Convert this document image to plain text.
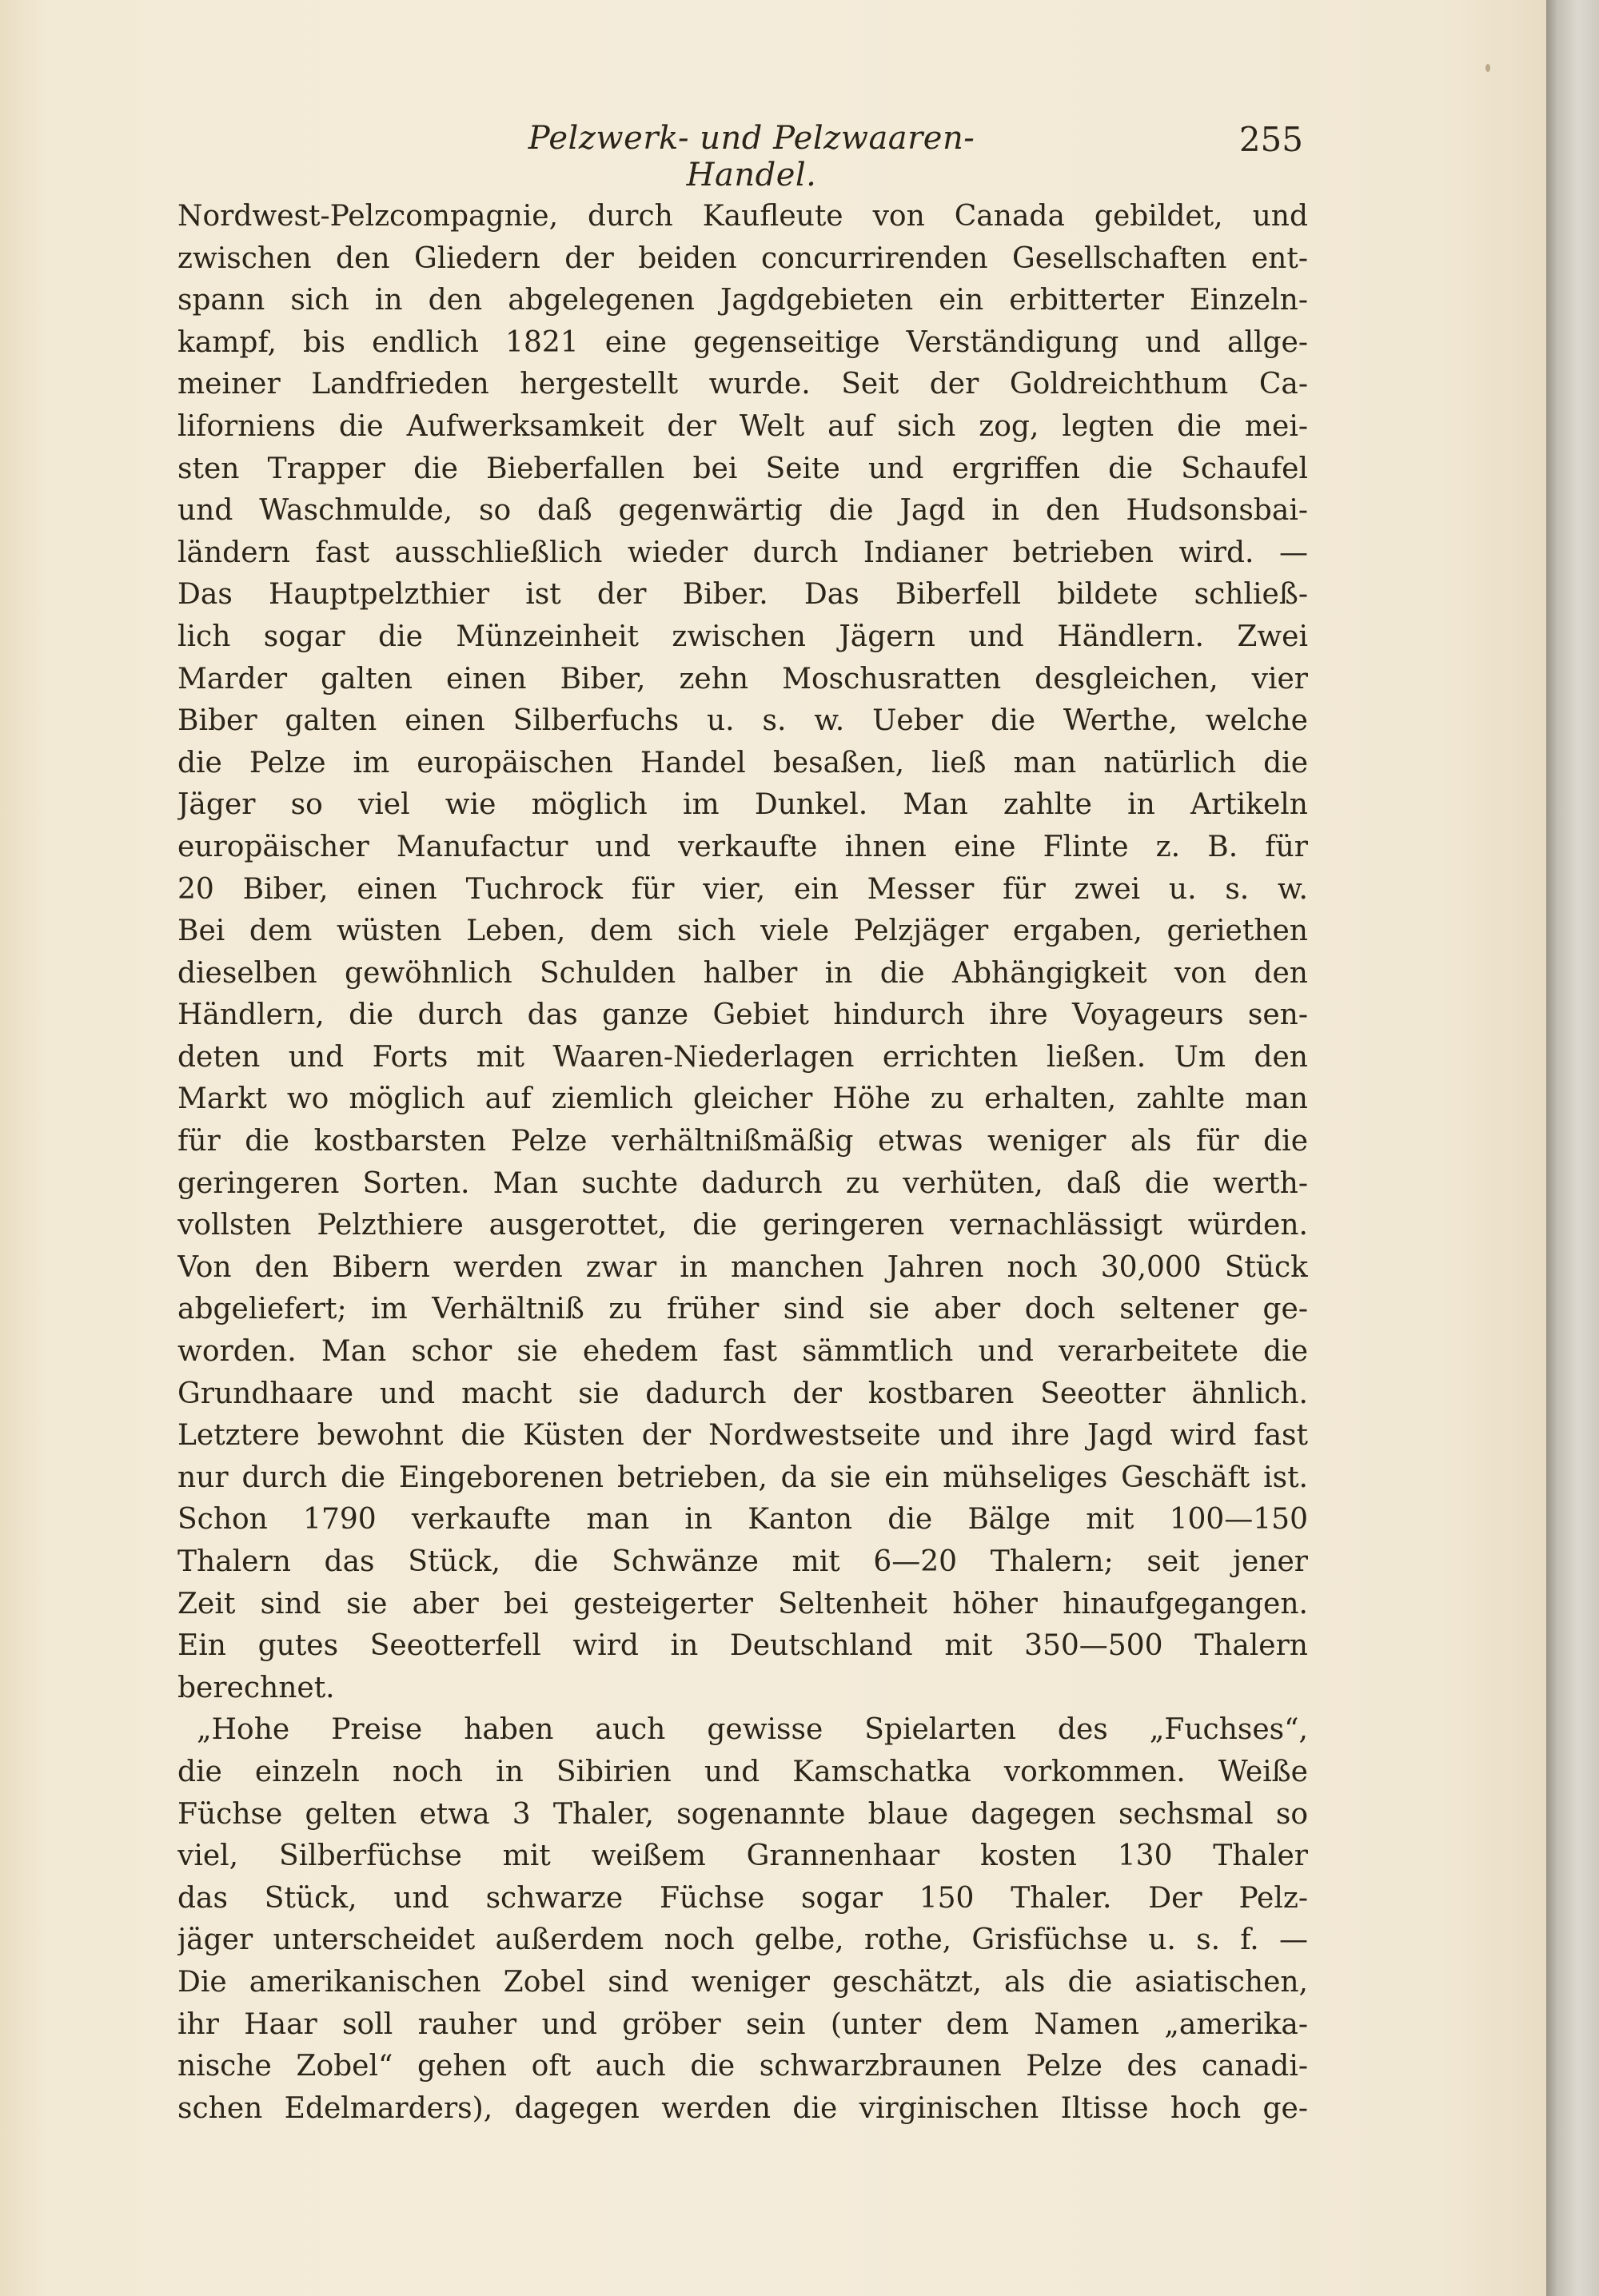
Pelzwerk- und Pelzwaaren-Handel.
255
Nordwest-Pelzcompagnie, durch Kaufleute von Canada gebildet, und
zwischen den Gliedern der beiden concurrirenden Gesellschaften ent-
spann sich in den abgelegenen Jagdgebieten ein erbitterter Einzeln-
kampf, bis endlich 1821 eine gegenseitige Verständigung und allge-
meiner Landfrieden hergestellt wurde. Seit der Goldreichthum Ca-
liforniens die Aufwerksamkeit der Welt auf sich zog, legten die mei-
sten Trapper die Bieberfallen bei Seite und ergriffen die Schaufel
und Waschmulde, so daß gegenwärtig die Jagd in den Hudsonsbai-
ländern fast ausschließlich wieder durch Indianer betrieben wird. —
Das Hauptpelzthier ist der Biber. Das Biberfell bildete schließ-
lich sogar die Münzeinheit zwischen Jägern und Händlern. Zwei
Marder galten einen Biber, zehn Moschusratten desgleichen, vier
Biber galten einen Silberfuchs u. s. w. Ueber die Werthe, welche
die Pelze im europäischen Handel besaßen, ließ man natürlich die
Jäger so viel wie möglich im Dunkel. Man zahlte in Artikeln
europäischer Manufactur und verkaufte ihnen eine Flinte z. B. für
20 Biber, einen Tuchrock für vier, ein Messer für zwei u. s. w.
Bei dem wüsten Leben, dem sich viele Pelzjäger ergaben, geriethen
dieselben gewöhnlich Schulden halber in die Abhängigkeit von den
Händlern, die durch das ganze Gebiet hindurch ihre Voyageurs sen-
deten und Forts mit Waaren-Niederlagen errichten ließen. Um den
Markt wo möglich auf ziemlich gleicher Höhe zu erhalten, zahlte man
für die kostbarsten Pelze verhältnißmäßig etwas weniger als für die
geringeren Sorten. Man suchte dadurch zu verhüten, daß die werth-
vollsten Pelzthiere ausgerottet, die geringeren vernachlässigt würden.
Von den Bibern werden zwar in manchen Jahren noch 30,000 Stück
abgeliefert; im Verhältniß zu früher sind sie aber doch seltener ge-
worden. Man schor sie ehedem fast sämmtlich und verarbeitete die
Grundhaare und macht sie dadurch der kostbaren Seeotter ähnlich.
Letztere bewohnt die Küsten der Nordwestseite und ihre Jagd wird fast
nur durch die Eingeborenen betrieben, da sie ein mühseliges Geschäft ist.
Schon 1790 verkaufte man in Kanton die Bälge mit 100—150
Thalern das Stück, die Schwänze mit 6—20 Thalern; seit jener
Zeit sind sie aber bei gesteigerter Seltenheit höher hinaufgegangen.
Ein gutes Seeotterfell wird in Deutschland mit 350—500 Thalern
berechnet.
„Hohe Preise haben auch gewisse Spielarten des „Fuchses“,
die einzeln noch in Sibirien und Kamschatka vorkommen. Weiße
Füchse gelten etwa 3 Thaler, sogenannte blaue dagegen sechsmal so
viel, Silberfüchse mit weißem Grannenhaar kosten 130 Thaler
das Stück, und schwarze Füchse sogar 150 Thaler. Der Pelz-
jäger unterscheidet außerdem noch gelbe, rothe, Grisfüchse u. s. f. —
Die amerikanischen Zobel sind weniger geschätzt, als die asiatischen,
ihr Haar soll rauher und gröber sein (unter dem Namen „amerika-
nische Zobel“ gehen oft auch die schwarzbraunen Pelze des canadi-
schen Edelmarders), dagegen werden die virginischen Iltisse hoch ge-
